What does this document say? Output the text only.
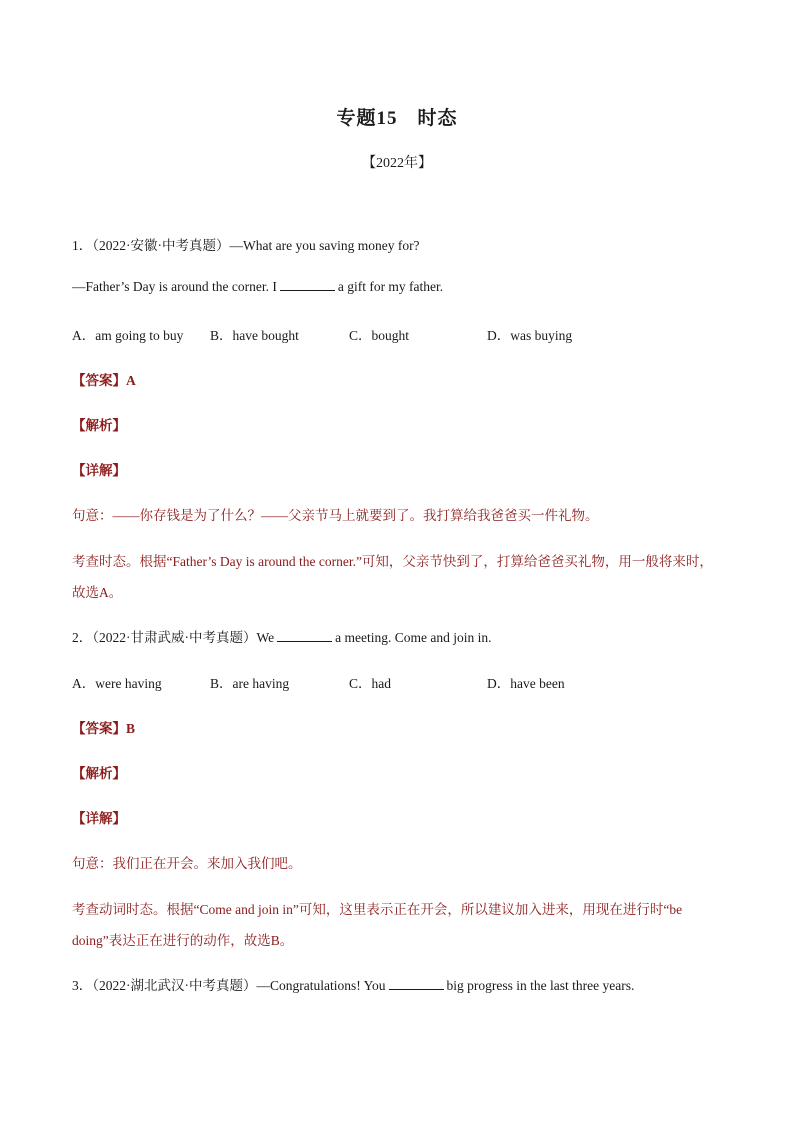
专题15　时态
【2022年】
1．（2022·安徽·中考真题）—What are you saving money for?
—Father’s Day is around the corner. I	a gift for my father.
A．am going to buy B．have bought	C．bought	D．was buying
【答案】A
【解析】
【详解】
句意：——你存钱是为了什么？——父亲节马上就要到了。我打算给我爸爸买一件礼物。
考查时态。根据“Father’s Day is around the corner.”可知，父亲节快到了，打算给爸爸买礼物，用一般将来时，
故选A。
2．（2022·甘肃武威·中考真题）We	a meeting. Come and join in.
A．were having	B．are having	C．had	D．have been
【答案】B
【解析】
【详解】
句意：我们正在开会。来加入我们吧。
考查动词时态。根据“Come and join in”可知，这里表示正在开会，所以建议加入进来，用现在进行时“be
doing”表达正在进行的动作，故选B。
3．（2022·湖北武汉·中考真题）—Congratulations! You	big progress in the last three years.
